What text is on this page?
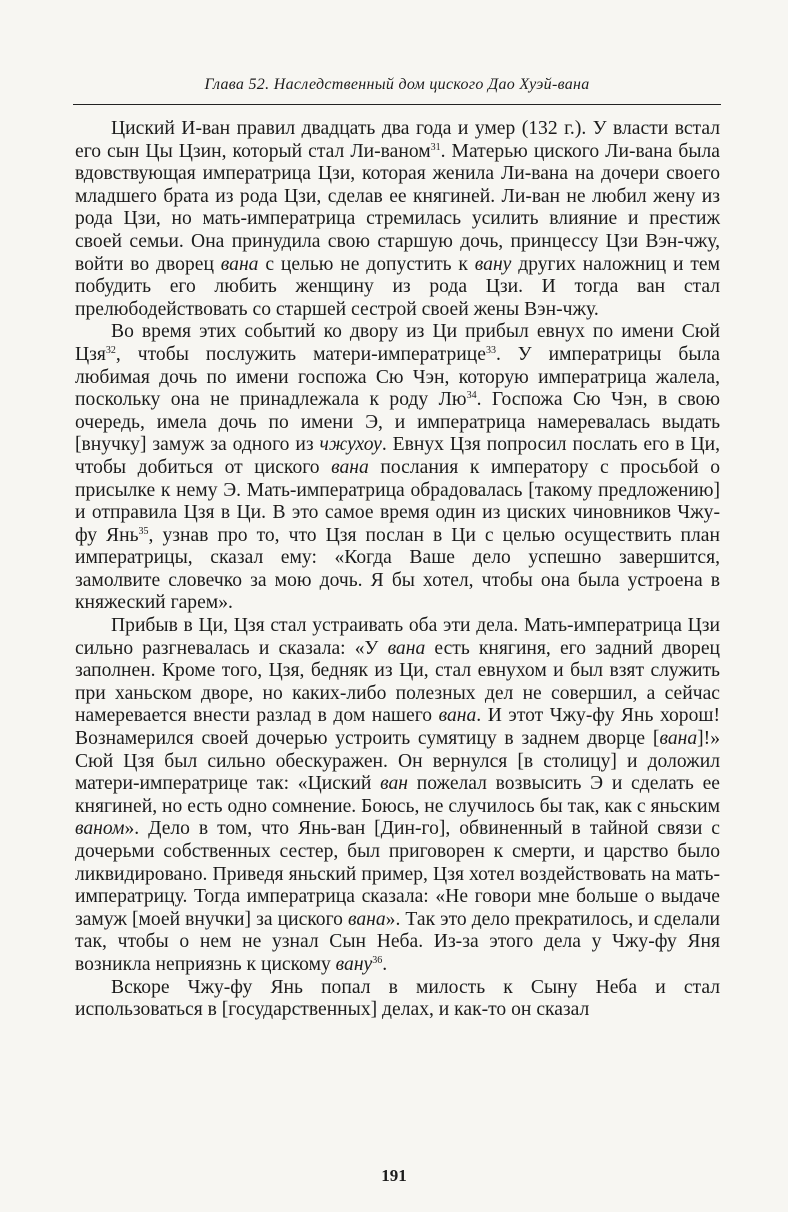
Глава 52. Наследственный дом циского Дао Хуэй-вана

Циский И-ван правил двадцать два года и умер (132 г.). У власти встал его сын Цы Цзин, который стал Ли-ваном$^{31}$. Матерью циского Ли-вана была вдовствующая императрица Цзи, которая женила Ли-вана на дочери своего младшего брата из рода Цзи, сделав ее княгиней. Ли-ван не любил жену из рода Цзи, но мать-императрица стремилась усилить влияние и престиж своей семьи. Она принудила свою старшую дочь, принцессу Цзи Вэн-чжу, войти во дворец вана с целью не допустить к вану других наложниц и тем побудить его любить женщину из рода Цзи. И тогда ван стал прелюбодействовать со старшей сестрой своей жены Вэн-чжу.

Во время этих событий ко двору из Ци прибыл евнух по имени Сюй Цзя$^{32}$, чтобы послужить матери-императрице$^{33}$. У императрицы была любимая дочь по имени госпожа Сю Чэн, которую императрица жалела, поскольку она не принадлежала к роду $Лю^{34}$. Госпожа Сю Чэн, в свою очередь, имела дочь по имени Э, и императрица намеревалась выдать [внучку] замуж за одного из чжухоу. Евнух Цзя попросил послать его в Ци, чтобы добиться от циского вана послания к императору с просьбой о присылке к нему Э. Мать-императрица обрадовалась [такому предложению] и отправила Цзя в Ци. В это самое время один из циских чиновников Чжу-фу Янь$^{35}$, узнав про то, что Цзя послан в Ци с целью осуществить план императрицы, сказал ему: «Когда Ваше дело успешно завершится, замолвите словечко за мою дочь. Я бы хотел, чтобы она была устроена в княжеский гарем».

Прибыв в Ци, Цзя стал устраивать оба эти дела. Мать-императрица Цзи сильно разгневалась и сказала: «У вана есть княгиня, его задний дворец заполнен. Кроме того, Цзя, бедняк из Ци, стал евнухом и был взят служить при ханьском дворе, но каких-либо полезных дел не совершил, а сейчас намеревается внести разлад в дом нашего вана. И этот Чжу-фу Янь хорош! Вознамерился своей дочерью устроить сумятицу в заднем дворце [вана]!» Сюй Цзя был сильно обескуражен. Он вернулся [в столицу] и доложил матери-императрице так: «Циский ван пожелал возвысить Э и сделать ее княгиней, но есть одно сомнение. Боюсь, не случилось бы так, как с яньским ваном». Дело в том, что Янь-ван [Дин-го], обвиненный в тайной связи с дочерьми собственных сестер, был приговорен к смерти, и царство было ликвидировано. Приведя яньский пример, Цзя хотел воздействовать на мать-императрицу. Тогда императрица сказала: «Не говори мне больше о выдаче замуж [моей внучки] за циского вана». Так это дело прекратилось, и сделали так, чтобы о нем не узнал Сын Неба. Из-за этого дела у Чжу-фу Яня возникла неприязнь к цискому вану$^{36}$.

Вскоре Чжу-фу Янь попал в милость к Сыну Неба и стал использоваться в [государственных] делах, и как-то он сказал

191
